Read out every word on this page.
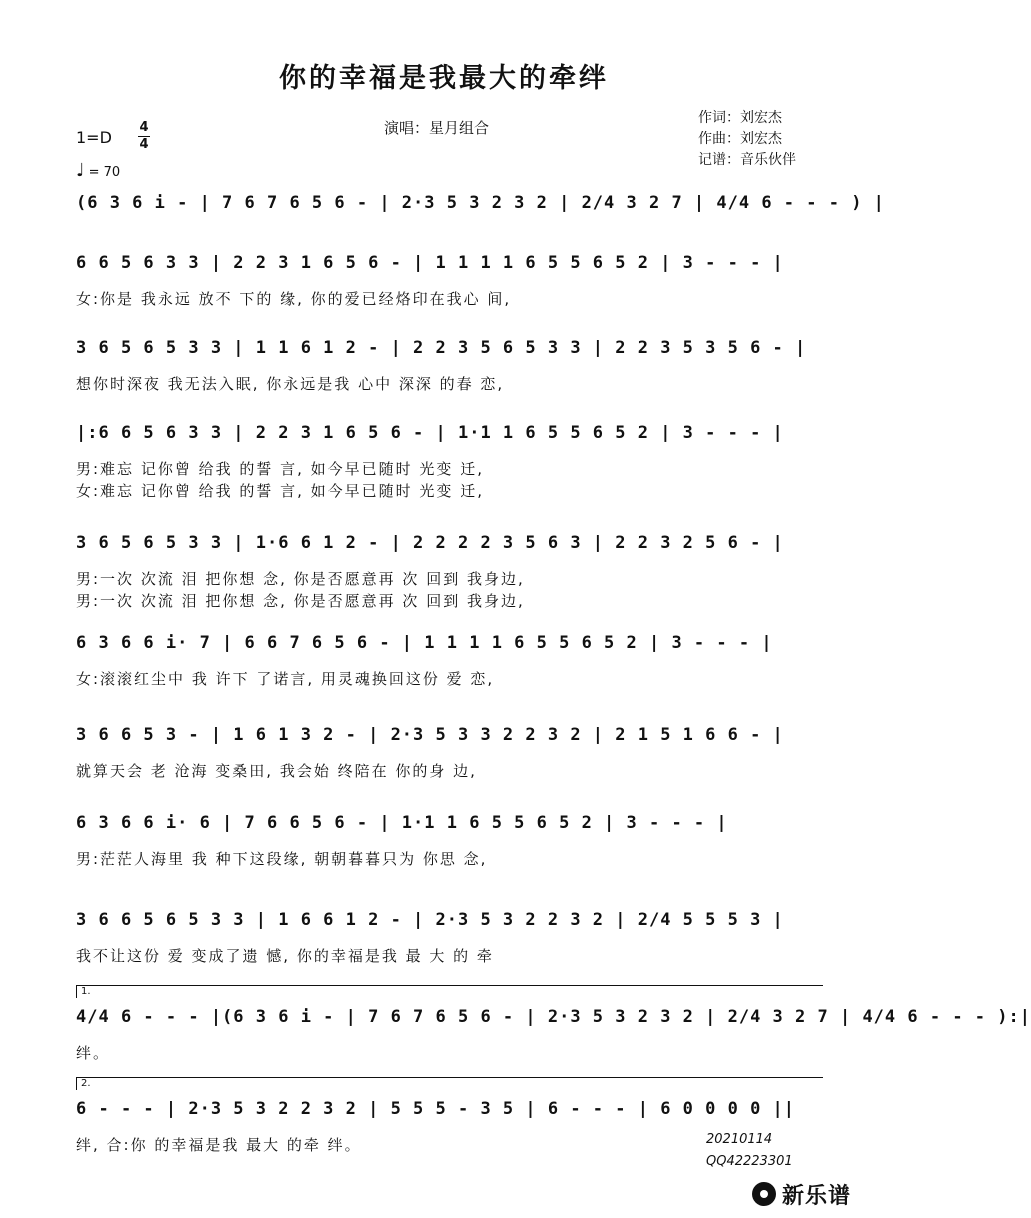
你的幸福是我最大的牵绊
演唱：星月组合
作词：刘宏杰
作曲：刘宏杰
记谱：音乐伙伴
1=D
4
4
♩ = 70
(6 3 6 i - | 7 6 7 6 5 6 - | 2·3 5 3 2 3 2 | 2/4 3 2 7 | 4/4 6 - - - ) |
6 6 5 6 3 3 | 2 2 3 1 6 5 6 - | 1 1 1 1 6 5 5 6 5 2 | 3 - - - |
女:你是 我永远 放不 下的 缘, 你的爱已经烙印在我心 间,
3 6 5 6 5 3 3 | 1 1 6 1 2 - | 2 2 3 5 6 5 3 3 | 2 2 3 5 3 5 6 - |
想你时深夜 我无法入眠, 你永远是我 心中 深深 的春 恋,
|:6 6 5 6 3 3 | 2 2 3 1 6 5 6 - | 1·1 1 6 5 5 6 5 2 | 3 - - - |
男:难忘 记你曾 给我 的誓 言, 如今早已随时 光变 迁,
女:难忘 记你曾 给我 的誓 言, 如今早已随时 光变 迁,
3 6 5 6 5 3 3 | 1·6 6 1 2 - | 2 2 2 2 3 5 6 3 | 2 2 3 2 5 6 - |
男:一次 次流 泪 把你想 念, 你是否愿意再 次 回到 我身边,
男:一次 次流 泪 把你想 念, 你是否愿意再 次 回到 我身边,
6 3 6 6 i· 7 | 6 6 7 6 5 6 - | 1 1 1 1 6 5 5 6 5 2 | 3 - - - |
女:滚滚红尘中 我 许下 了诺言, 用灵魂换回这份 爱 恋,
3 6 6 5 3 - | 1 6 1 3 2 - | 2·3 5 3 3 2 2 3 2 | 2 1 5 1 6 6 - |
就算天会 老 沧海 变桑田, 我会始 终陪在 你的身 边,
6 3 6 6 i· 6 | 7 6 6 5 6 - | 1·1 1 6 5 5 6 5 2 | 3 - - - |
男:茫茫人海里 我 种下这段缘, 朝朝暮暮只为 你思 念,
3 6 6 5 6 5 3 3 | 1 6 6 1 2 - | 2·3 5 3 2 2 3 2 | 2/4 5 5 5 3 |
我不让这份 爱 变成了遗 憾, 你的幸福是我 最 大 的 牵
4/4 6 - - - |(6 3 6 i - | 7 6 7 6 5 6 - | 2·3 5 3 2 3 2 | 2/4 3 2 7 | 4/4 6 - - - ):|
绊。
6 - - - | 2·3 5 3 2 2 3 2 | 5 5 5 - 3 5 | 6 - - - | 6 0 0 0 0 ||
绊, 合:你 的幸福是我 最大 的牵 绊。
1.
2.
20210114
QQ42223301
新乐谱
